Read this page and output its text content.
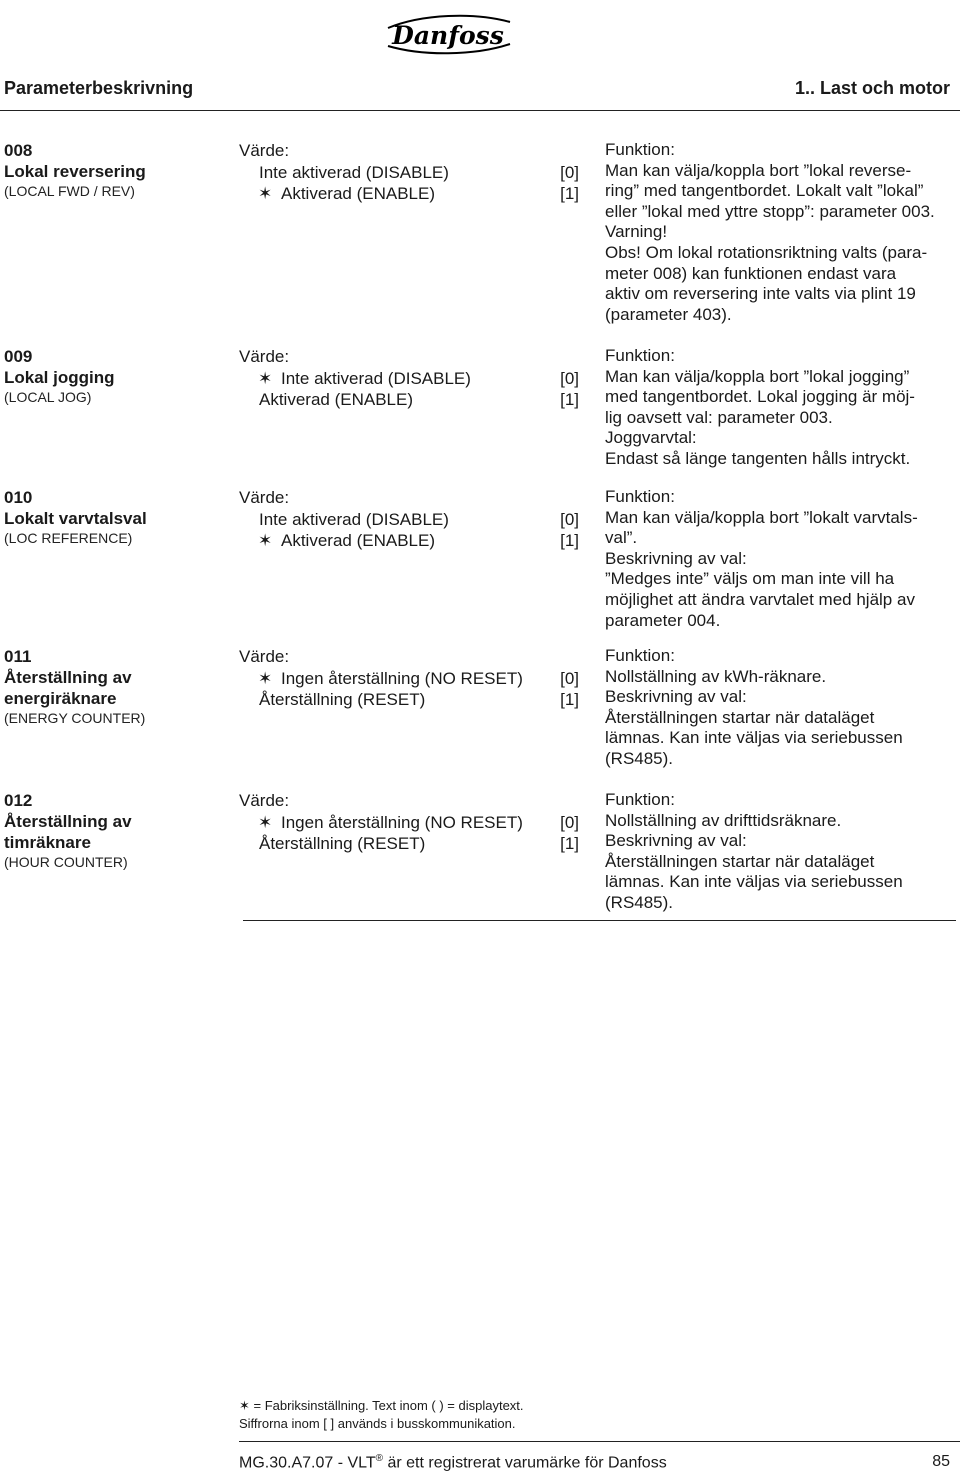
Danfoss
Parameterbeskrivning	1.. Last och motor
008
Lokal reversering
(LOCAL FWD / REV)
Värde:
Inte aktiverad (DISABLE)	[0]
✶ Aktiverad (ENABLE)	[1]

Funktion:

Man kan välja/koppla bort ”lokal reverse-

ring” med tangentbordet. Lokalt valt ”lokal”

eller ”lokal med yttre stopp”: parameter 003.

Varning!

Obs! Om lokal rotationsriktning valts (para-

meter 008) kan funktionen endast vara

aktiv om reversering inte valts via plint 19

(parameter 403).

009
Lokal jogging
(LOCAL JOG)
Värde:
✶ Inte aktiverad (DISABLE)	[0]
Aktiverad (ENABLE)	[1]

Funktion:

Man kan välja/koppla bort ”lokal jogging”

med tangentbordet. Lokal jogging är möj-

lig oavsett val: parameter 003.

Joggvarvtal:

Endast så länge tangenten hålls intryckt.

010
Lokalt varvtalsval
(LOC REFERENCE)
Värde:
Inte aktiverad (DISABLE)	[0]
✶ Aktiverad (ENABLE)	[1]

Funktion:

Man kan välja/koppla bort ”lokalt varvtals-

val”.

Beskrivning av val:

”Medges inte” väljs om man inte vill ha

möjlighet att ändra varvtalet med hjälp av

parameter 004.

011
Återställning av
energiräknare
(ENERGY COUNTER)
Värde:
✶ Ingen återställning (NO RESET) [0]
Återställning (RESET)	[1]

Funktion:

Nollställning av kWh-räknare.

Beskrivning av val:

Återställningen startar när dataläget

lämnas. Kan inte väljas via seriebussen

(RS485).

012
Återställning av
timräknare
(HOUR COUNTER)
Värde:
✶ Ingen återställning (NO RESET) [0]
Återställning (RESET)	[1]

Funktion:

Nollställning av drifttidsräknare.

Beskrivning av val:

Återställningen startar när dataläget

lämnas. Kan inte väljas via seriebussen

(RS485).

✶ = Fabriksinställning. Text inom ( ) = displaytext.
Siffrorna inom [ ] används i busskommunikation.
MG.30.A7.07 - VLT® är ett registrerat varumärke för Danfoss	85
